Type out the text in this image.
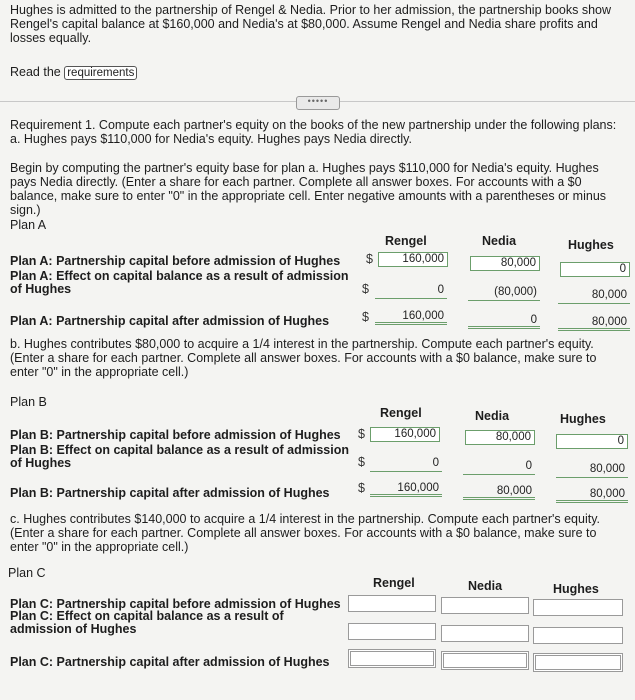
Hughes is admitted to the partnership of Rengel & Nedia. Prior to her admission, the partnership books show Rengel's capital balance at $160,000 and Nedia's at $80,000. Assume Rengel and Nedia share profits and losses equally.
Read the requirements
•••••
Requirement 1. Compute each partner's equity on the books of the new partnership under the following plans: a. Hughes pays $110,000 for Nedia's equity. Hughes pays Nedia directly.
Begin by computing the partner's equity base for plan a. Hughes pays $110,000 for Nedia's equity. Hughes pays Nedia directly. (Enter a share for each partner. Complete all answer boxes. For accounts with a $0 balance, make sure to enter "0" in the appropriate cell. Enter negative amounts with a parentheses or minus sign.)
Plan A
Rengel	Nedia	Hughes
Plan A: Partnership capital before admission of Hughes $	160,000	80,000	0
Plan A: Effect on capital balance as a result of admission of Hughes	$	0	(80,000)	80,000
Plan A: Partnership capital after admission of Hughes	$	160,000	0	80,000
b. Hughes contributes $80,000 to acquire a 1/4 interest in the partnership. Compute each partner's equity. (Enter a share for each partner. Complete all answer boxes. For accounts with a $0 balance, make sure to enter "0" in the appropriate cell.)
Plan B
Rengel	Nedia	Hughes
Plan B: Partnership capital before admission of Hughes $	160,000	80,000	0
Plan B: Effect on capital balance as a result of admission of Hughes	$	0	0	80,000
Plan B: Partnership capital after admission of Hughes $	160,000	80,000	80,000
c. Hughes contributes $140,000 to acquire a 1/4 interest in the partnership. Compute each partner's equity. (Enter a share for each partner. Complete all answer boxes. For accounts with a $0 balance, make sure to enter "0" in the appropriate cell.)
Plan C
Rengel	Nedia	Hughes
Plan C: Partnership capital before admission of Hughes
Plan C: Effect on capital balance as a result of admission of Hughes
Plan C: Partnership capital after admission of Hughes
